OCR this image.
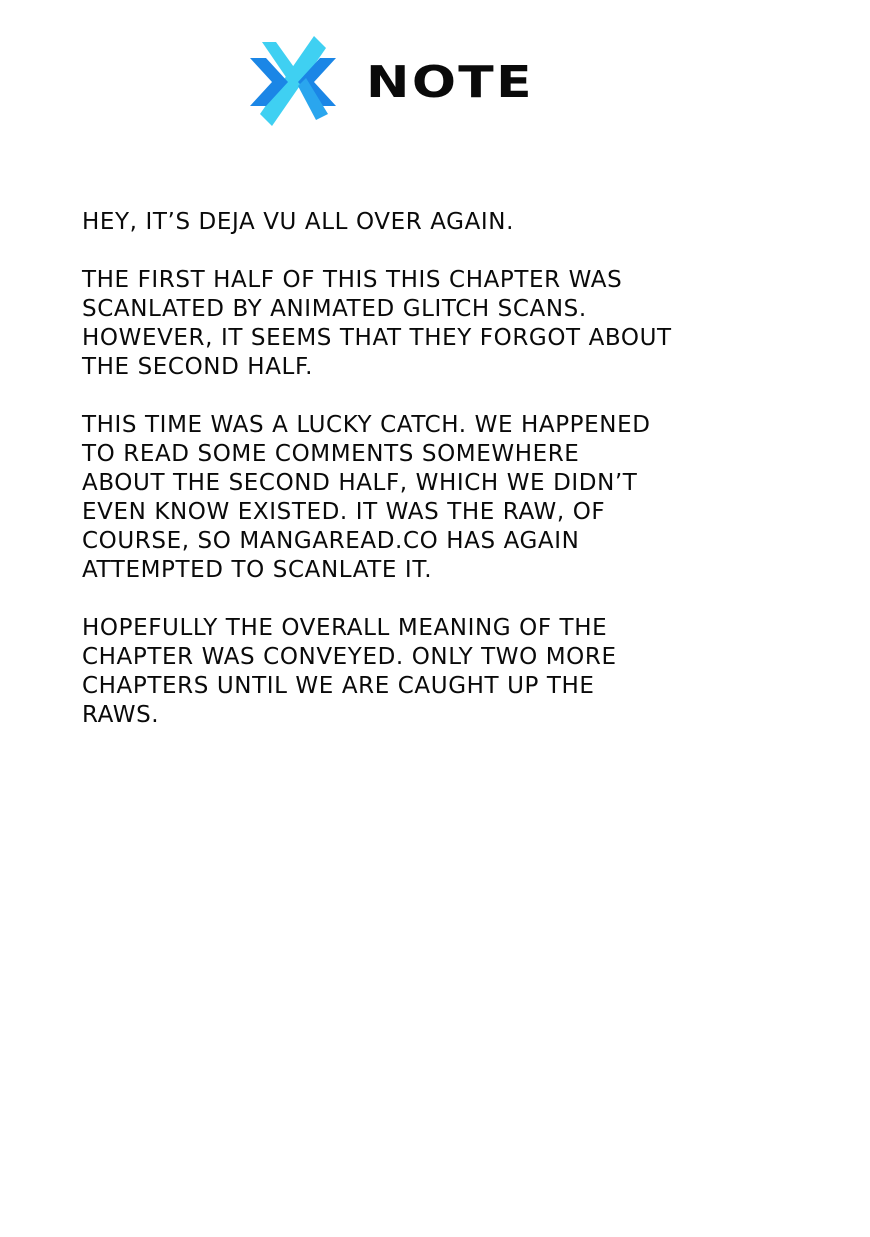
NOTE

HEY, IT’S DEJA VU ALL OVER AGAIN.

THE FIRST HALF OF THIS THIS CHAPTER WAS
SCANLATED BY ANIMATED GLITCH SCANS.
HOWEVER, IT SEEMS THAT THEY FORGOT ABOUT
THE SECOND HALF.

THIS TIME WAS A LUCKY CATCH. WE HAPPENED
TO READ SOME COMMENTS SOMEWHERE
ABOUT THE SECOND HALF, WHICH WE DIDN’T
EVEN KNOW EXISTED. IT WAS THE RAW, OF
COURSE, SO MANGAREAD.CO HAS AGAIN
ATTEMPTED TO SCANLATE IT.

HOPEFULLY THE OVERALL MEANING OF THE
CHAPTER WAS CONVEYED. ONLY TWO MORE
CHAPTERS UNTIL WE ARE CAUGHT UP THE
RAWS.
